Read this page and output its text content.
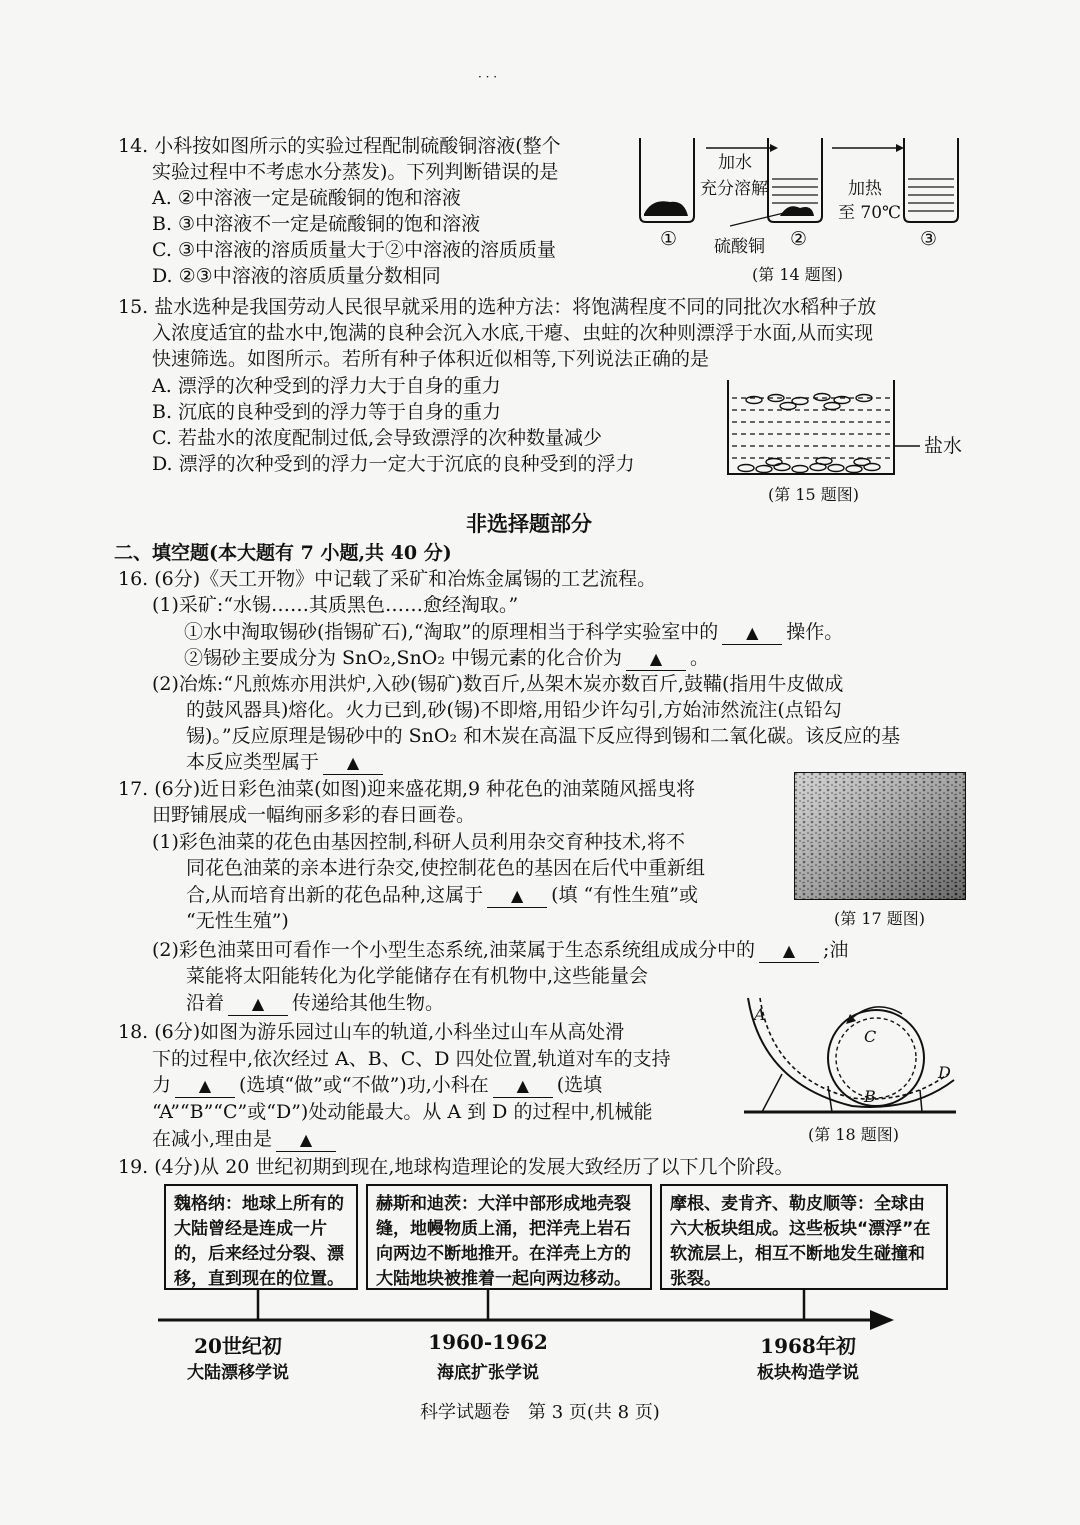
· · ·
14. 小科按如图所示的实验过程配制硫酸铜溶液(整个
实验过程中不考虑水分蒸发)。下列判断错误的是
A. ②中溶液一定是硫酸铜的饱和溶液
B. ③中溶液不一定是硫酸铜的饱和溶液
C. ③中溶液的溶质质量大于②中溶液的溶质质量
D. ②③中溶液的溶质质量分数相同
加水
充分溶解	加热
至 70℃
①	②	③
硫酸铜
(第 14 题图)
15. 盐水选种是我国劳动人民很早就采用的选种方法：将饱满程度不同的同批次水稻种子放
入浓度适宜的盐水中,饱满的良种会沉入水底,干瘪、虫蛀的次种则漂浮于水面,从而实现
快速筛选。如图所示。若所有种子体积近似相等,下列说法正确的是
A. 漂浮的次种受到的浮力大于自身的重力
B. 沉底的良种受到的浮力等于自身的重力
C. 若盐水的浓度配制过低,会导致漂浮的次种数量减少
D. 漂浮的次种受到的浮力一定大于沉底的良种受到的浮力
盐水
(第 15 题图)
非选择题部分
二、填空题(本大题有 7 小题,共 40 分)
16. (6分)《天工开物》中记载了采矿和冶炼金属锡的工艺流程。
(1)采矿:“水锡……其质黑色……愈经淘取。”
①水中淘取锡砂(指锡矿石),“淘取”的原理相当于科学实验室中的 ▲ 操作。
②锡砂主要成分为 SnO₂,SnO₂ 中锡元素的化合价为 ▲ 。
(2)冶炼:“凡煎炼亦用洪炉,入砂(锡矿)数百斤,丛架木炭亦数百斤,鼓鞴(指用牛皮做成
的鼓风器具)熔化。火力已到,砂(锡)不即熔,用铅少许勾引,方始沛然流注(点铅勾
锡)。”反应原理是锡砂中的 SnO₂ 和木炭在高温下反应得到锡和二氧化碳。该反应的基
本反应类型属于 ▲
17. (6分)近日彩色油菜(如图)迎来盛花期,9 种花色的油菜随风摇曳将
田野铺展成一幅绚丽多彩的春日画卷。
(1)彩色油菜的花色由基因控制,科研人员利用杂交育种技术,将不
同花色油菜的亲本进行杂交,使控制花色的基因在后代中重新组
合,从而培育出新的花色品种,这属于 ▲ (填 “有性生殖”或
“无性生殖”)
(2)彩色油菜田可看作一个小型生态系统,油菜属于生态系统组成成分中的 ▲ ;油
菜能将太阳能转化为化学能储存在有机物中,这些能量会
沿着 ▲ 传递给其他生物。
(第 17 题图)
18. (6分)如图为游乐园过山车的轨道,小科坐过山车从高处滑
下的过程中,依次经过 A、B、C、D 四处位置,轨道对车的支持
力 ▲ (选填“做”或“不做”)功,小科在 ▲ (选填
“A”“B”“C”或“D”)处动能最大。从 A 到 D 的过程中,机械能
在减小,理由是 ▲
A
C
B
D
(第 18 题图)
19. (4分)从 20 世纪初期到现在,地球构造理论的发展大致经历了以下几个阶段。
魏格纳：地球上所有的大陆曾经是连成一片的，后来经过分裂、漂移，直到现在的位置。
赫斯和迪茨：大洋中部形成地壳裂缝，地幔物质上涌，把洋壳上岩石向两边不断地推开。在洋壳上方的大陆地块被推着一起向两边移动。
摩根、麦肯齐、勒皮顺等：全球由六大板块组成。这些板块“漂浮”在软流层上，相互不断地发生碰撞和张裂。
20世纪初
大陆漂移学说
1960-1962
海底扩张学说
1968年初
板块构造学说
科学试题卷　第 3 页(共 8 页)
